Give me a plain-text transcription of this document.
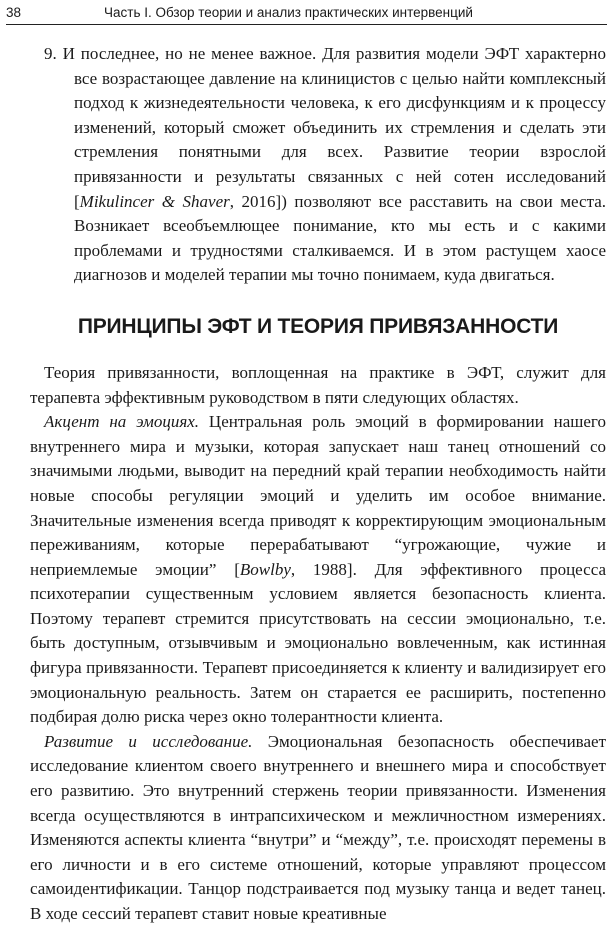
38	Часть I. Обзор теории и анализ практических интервенций

9. И последнее, но не менее важное. Для развития модели ЭФТ характерно все возрастающее давление на клиницистов с целью найти комплексный подход к жизнедеятельности человека, к его дисфункциям и к процессу изменений, который сможет объединить их стремления и сделать эти стремления понятными для всех. Развитие теории взрослой привязанности и результаты связанных с ней сотен исследований [Mikulincer & Shaver, 2016]) позволяют все расставить на свои места. Возникает всеобъемлющее понимание, кто мы есть и с какими проблемами и трудностями сталкиваемся. И в этом растущем хаосе диагнозов и моделей терапии мы точно понимаем, куда двигаться.

ПРИНЦИПЫ ЭФТ И ТЕОРИЯ ПРИВЯЗАННОСТИ

Теория привязанности, воплощенная на практике в ЭФТ, служит для терапевта эффективным руководством в пяти следующих областях.

Акцент на эмоциях. Центральная роль эмоций в формировании нашего внутреннего мира и музыки, которая запускает наш танец отношений со значимыми людьми, выводит на передний край терапии необходимость найти новые способы регуляции эмоций и уделить им особое внимание. Значительные изменения всегда приводят к корректирующим эмоциональным переживаниям, которые перерабатывают “угрожающие, чужие и неприемлемые эмоции” [Bowlby, 1988]. Для эффективного процесса психотерапии существенным условием является безопасность клиента. Поэтому терапевт стремится присутствовать на сессии эмоционально, т.е. быть доступным, отзывчивым и эмоционально вовлеченным, как истинная фигура привязанности. Терапевт присоединяется к клиенту и валидизирует его эмоциональную реальность. Затем он старается ее расширить, постепенно подбирая долю риска через окно толерантности клиента.

Развитие и исследование. Эмоциональная безопасность обеспечивает исследование клиентом своего внутреннего и внешнего мира и способствует его развитию. Это внутренний стержень теории привязанности. Изменения всегда осуществляются в интрапсихическом и межличностном измерениях. Изменяются аспекты клиента “внутри” и “между”, т.е. происходят перемены в его личности и в его системе отношений, которые управляют процессом самоидентификации. Танцор подстраивается под музыку танца и ведет танец. В ходе сессий терапевт ставит новые креативные
